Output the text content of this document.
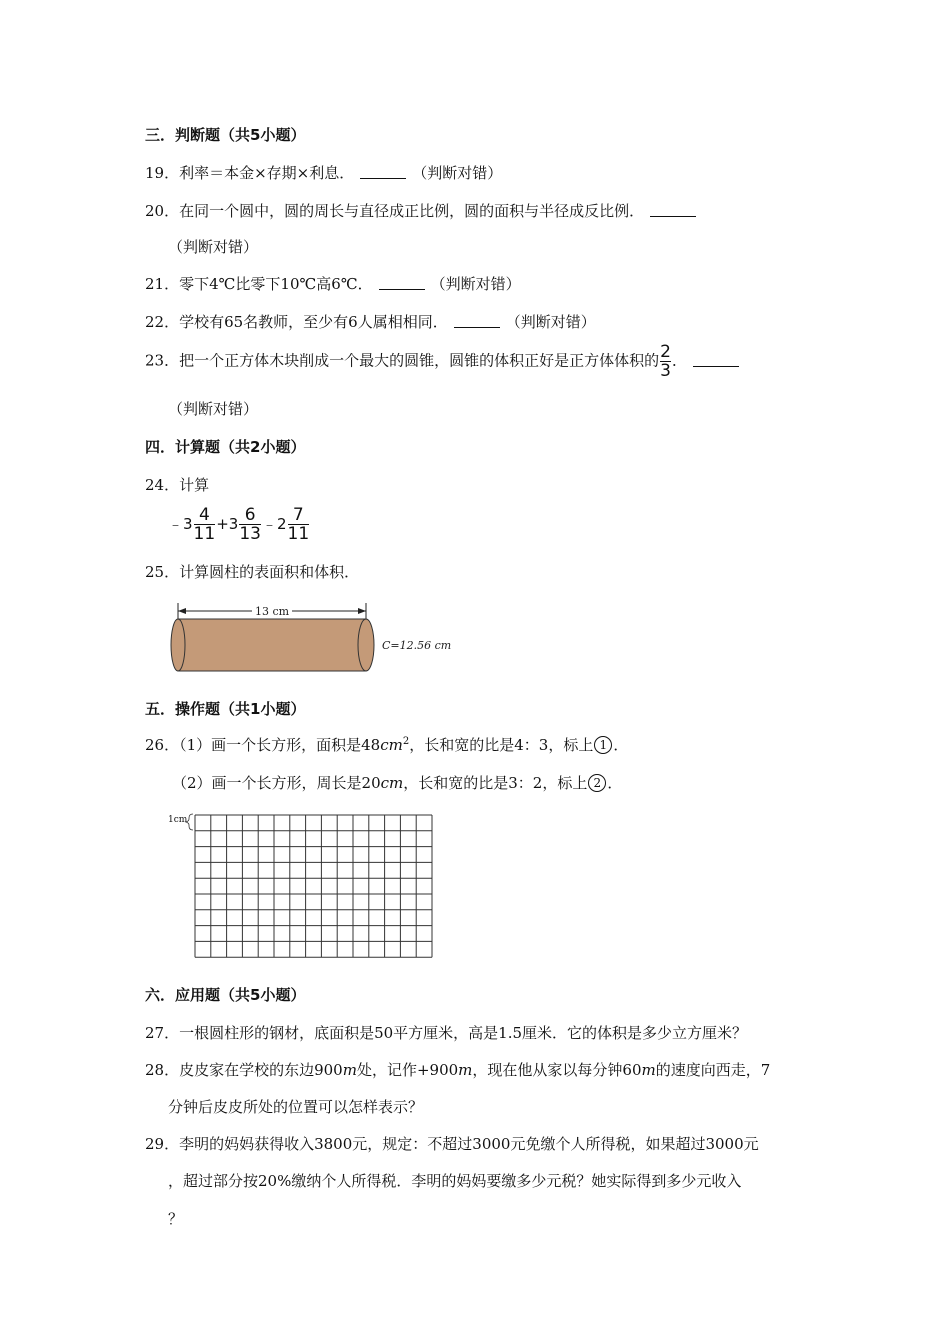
三．判断题（共5小题）
19．利率＝本金×存期×利息．	（判断对错）
20．在同一个圆中，圆的周长与直径成正比例，圆的面积与半径成反比例．
（判断对错）
21．零下4℃比零下10℃高6℃．	（判断对错）
22．学校有65名教师，至少有6人属相相同．	（判断对错）
23．把一个正方体木块削成一个最大的圆锥，圆锥的体积正好是正方体体积的 $\frac{2}{3}$ ．
（判断对错）
四．计算题（共2小题）
24．计算
﹣3 $\frac{4}{11} +3 \frac{6}{13}$ ﹣2 $\frac{7}{11}$
25．计算圆柱的表面积和体积．
13 cm
C=12.56 cm
五．操作题（共1小题）
26．（1）画一个长方形，面积是$48cm^2$，长和宽的比是4：3，标上 1 ．
（2）画一个长方形，周长是20cm，长和宽的比是3：2，标上 2 ．
1cm
六．应用题（共5小题）
27．一根圆柱形的钢材，底面积是50平方厘米，高是1.5厘米．它的体积是多少立方厘米？
28．皮皮家在学校的东边900m处，记作+900m，现在他从家以每分钟60m的速度向西走，7
分钟后皮皮所处的位置可以怎样表示？
29．李明的妈妈获得收入3800元，规定：不超过3000元免缴个人所得税，如果超过3000元
，超过部分按20%缴纳个人所得税．李明的妈妈要缴多少元税？她实际得到多少元收入
？
